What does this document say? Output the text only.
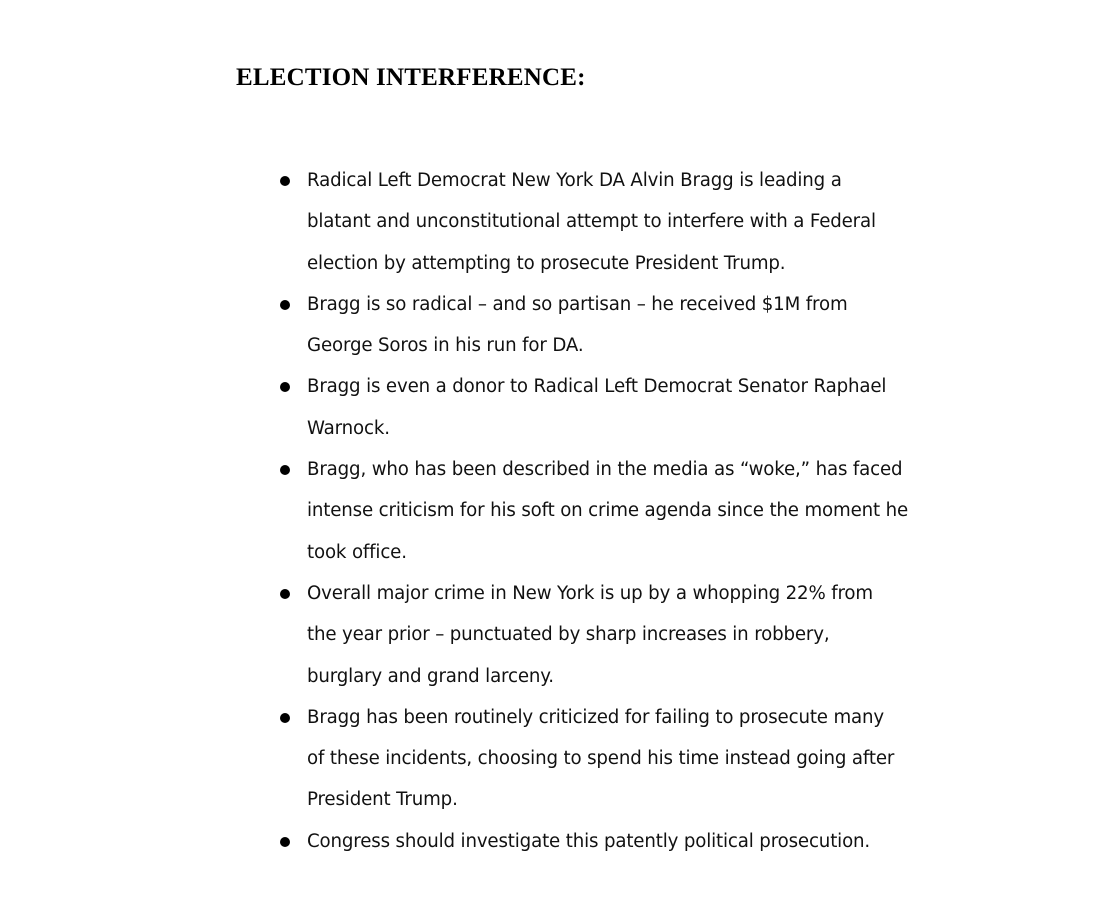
ELECTION INTERFERENCE:
Radical Left Democrat New York DA Alvin Bragg is leading a
blatant and unconstitutional attempt to interfere with a Federal
election by attempting to prosecute President Trump.
Bragg is so radical – and so partisan – he received $1M from
George Soros in his run for DA.
Bragg is even a donor to Radical Left Democrat Senator Raphael
Warnock.
Bragg, who has been described in the media as “woke,” has faced
intense criticism for his soft on crime agenda since the moment he
took office.
Overall major crime in New York is up by a whopping 22% from
the year prior – punctuated by sharp increases in robbery,
burglary and grand larceny.
Bragg has been routinely criticized for failing to prosecute many
of these incidents, choosing to spend his time instead going after
President Trump.
Congress should investigate this patently political prosecution.
